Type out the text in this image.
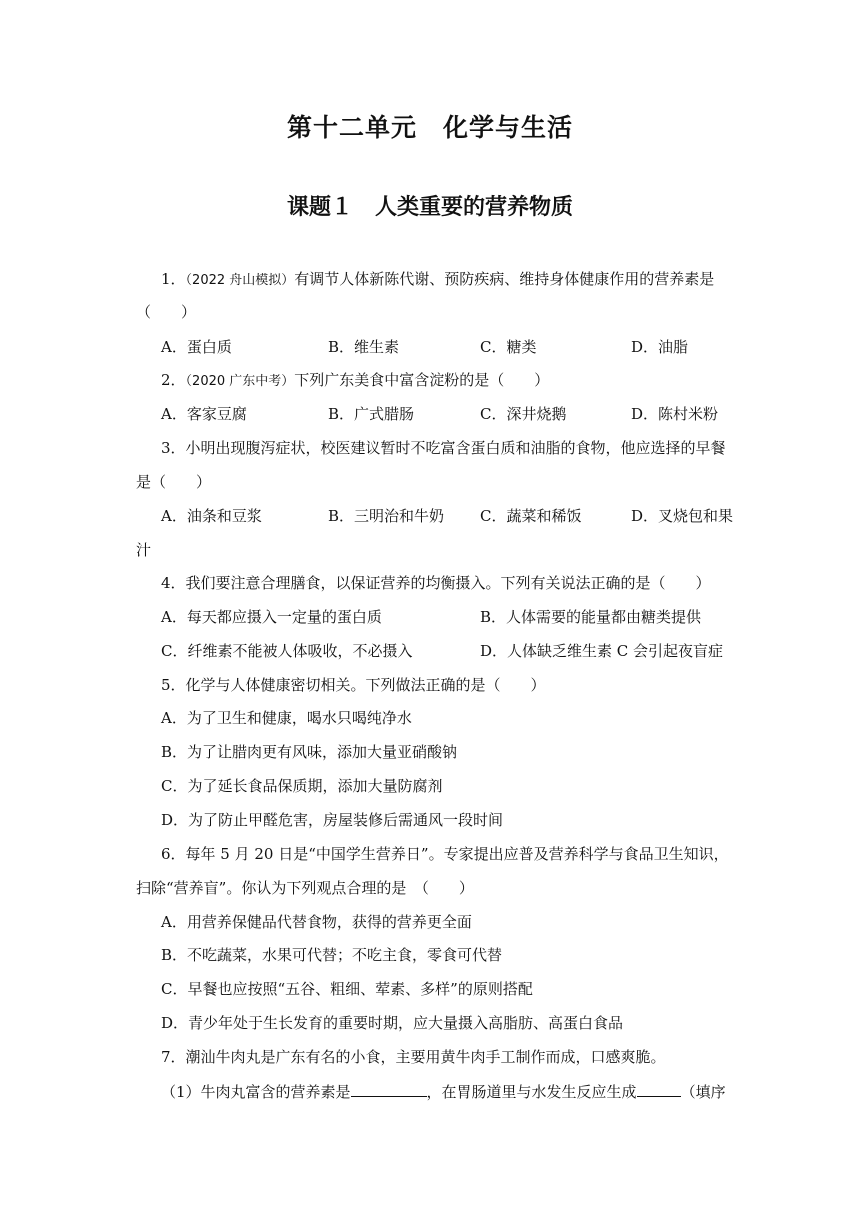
第十二单元　化学与生活
课题１　人类重要的营养物质
1．（2022 舟山模拟）有调节人体新陈代谢、预防疾病、维持身体健康作用的营养素是
（　　）
A．蛋白质	B．维生素	C．糖类	D．油脂
2．（2020 广东中考）下列广东美食中富含淀粉的是（　　）
A．客家豆腐	B．广式腊肠	C．深井烧鹅	D．陈村米粉
3．小明出现腹泻症状，校医建议暂时不吃富含蛋白质和油脂的食物，他应选择的早餐
是（　　）
A．油条和豆浆	B．三明治和牛奶 C．蔬菜和稀饭	D．叉烧包和果
汁
4．我们要注意合理膳食，以保证营养的均衡摄入。下列有关说法正确的是（　　）
A．每天都应摄入一定量的蛋白质	B．人体需要的能量都由糖类提供
C．纤维素不能被人体吸收，不必摄入	D．人体缺乏维生素 C 会引起夜盲症
5．化学与人体健康密切相关。下列做法正确的是（　　）
A．为了卫生和健康，喝水只喝纯净水
B．为了让腊肉更有风味，添加大量亚硝酸钠
C．为了延长食品保质期，添加大量防腐剂
D．为了防止甲醛危害，房屋装修后需通风一段时间
6．每年 5 月 20 日是“中国学生营养日”。专家提出应普及营养科学与食品卫生知识，
扫除“营养盲”。你认为下列观点合理的是　（　　）
A．用营养保健品代替食物，获得的营养更全面
B．不吃蔬菜，水果可代替；不吃主食，零食可代替
C．早餐也应按照“五谷、粗细、荤素、多样”的原则搭配
D．青少年处于生长发育的重要时期，应大量摄入高脂肪、高蛋白食品
7．潮汕牛肉丸是广东有名的小食，主要用黄牛肉手工制作而成，口感爽脆。
（1）牛肉丸富含的营养素是	，在胃肠道里与水发生反应生成	（填序
